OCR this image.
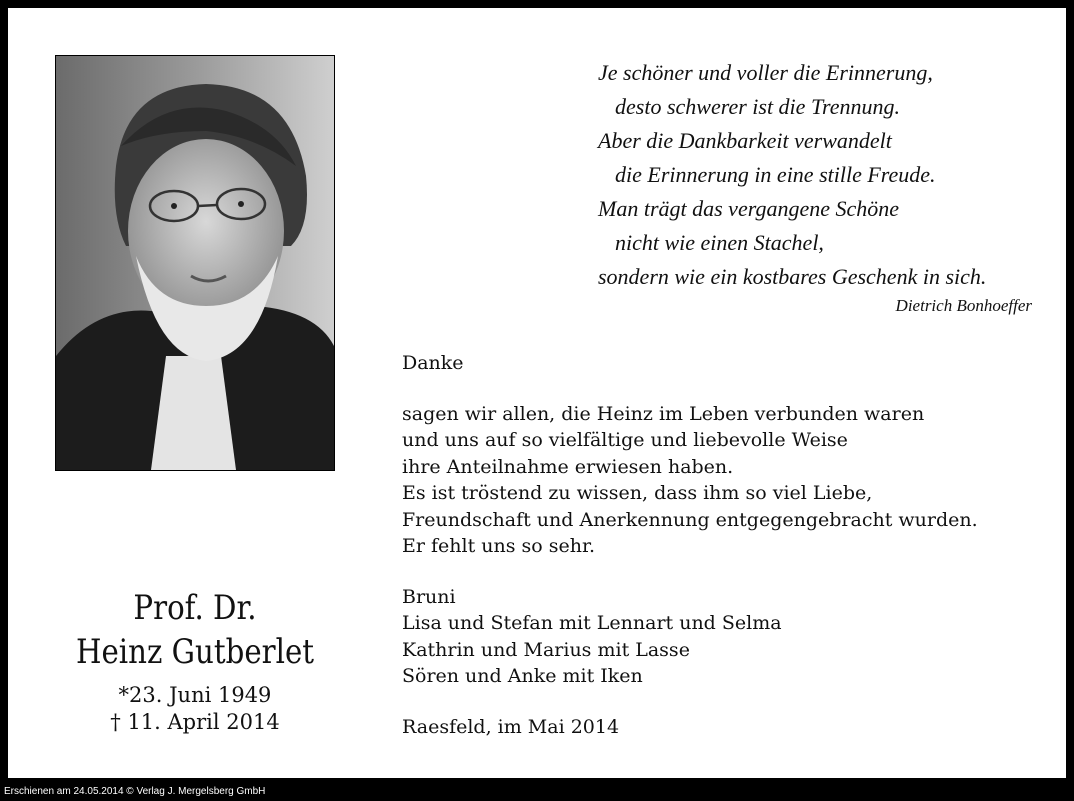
Prof. Dr.
Heinz Gutberlet
*23. Juni 1949
† 11. April 2014
Je schöner und voller die Erinnerung,
desto schwerer ist die Trennung.
Aber die Dankbarkeit verwandelt
die Erinnerung in eine stille Freude.
Man trägt das vergangene Schöne
nicht wie einen Stachel,
sondern wie ein kostbares Geschenk in sich.
Dietrich Bonhoeffer

Danke

sagen wir allen, die Heinz im Leben verbunden waren

und uns auf so vielfältige und liebevolle Weise

ihre Anteilnahme erwiesen haben.

Es ist tröstend zu wissen, dass ihm so viel Liebe,

Freundschaft und Anerkennung entgegengebracht wurden.

Er fehlt uns so sehr.

Bruni

Lisa und Stefan mit Lennart und Selma

Kathrin und Marius mit Lasse

Sören und Anke mit Iken

Raesfeld, im Mai 2014

Erschienen am 24.05.2014 © Verlag J. Mergelsberg GmbH
